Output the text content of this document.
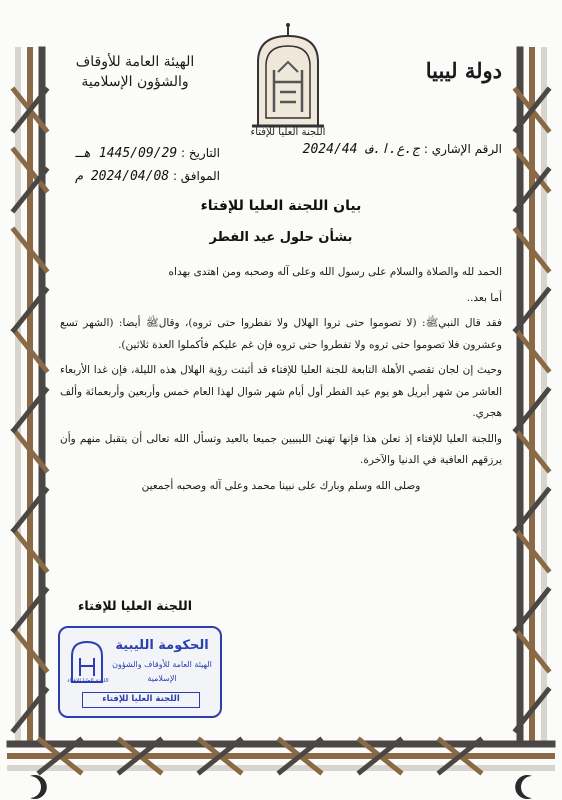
دولة ليبيا
الهيئة العامة للأوقاف
والشؤون الإسلامية
اللجنة العليا للإفتاء
الرقم الإشاري : ج.ع.ا.ف 2024/44
التاريخ : 1445/09/29 هـ
الموافق : 2024/04/08 م
بيان اللجنة العليا للإفتاء
بشأن حلول عيد الفطر

الحمد لله والصلاة والسلام على رسول الله وعلى آله وصحبه ومن اهتدى بهداه

أما بعد..

فقد قال النبيﷺ: (لا تصوموا حتى تروا الهلال ولا تفطروا حتى تروه)، وقالﷺ أيضا: (الشهر تسع وعشرون فلا تصوموا حتى تروه ولا تفطروا حتى تروه فإن غم عليكم فأكملوا العدة ثلاثين).

وحيث إن لجان تقصي الأهلة التابعة للجنة العليا للإفتاء قد أثبتت رؤية الهلال هذه الليلة، فإن غدا الأربعاء العاشر من شهر أبريل هو يوم عيد الفطر أول أيام شهر شوال لهذا العام خمس وأربعين وأربعمائة وألف هجري.

واللجنة العليا للإفتاء إذ تعلن هذا فإنها تهنئ الليبيين جميعا بالعيد وتسأل الله تعالى أن يتقبل منهم وأن يرزقهم العافية في الدنيا والآخرة.

وصلى الله وسلم وبارك على نبينا محمد وعلى آله وصحبه أجمعين

اللجنة العليا للإفتاء
اللجنة العليا للإفتاء
الحكومة الليبية
الهيئة العامة للأوقاف والشؤون
الإسلامية
اللجنة العليا للإفتاء
